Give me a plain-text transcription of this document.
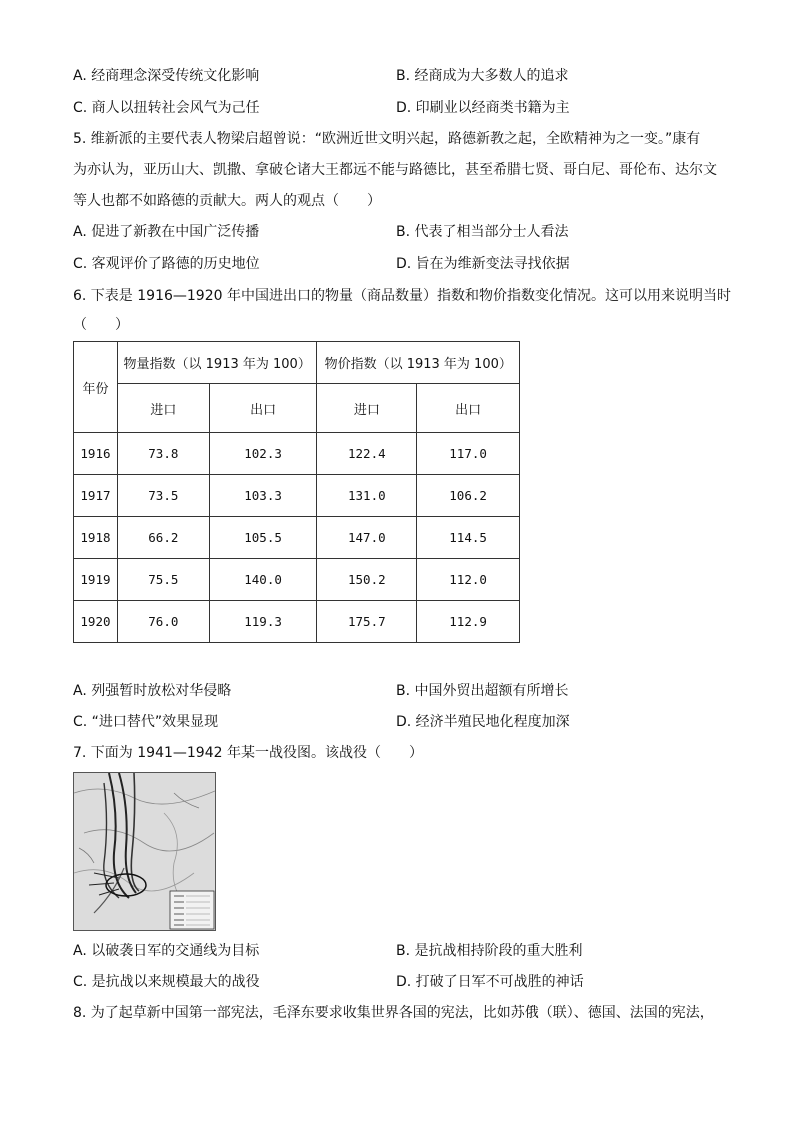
A. 经商理念深受传统文化影响	B. 经商成为大多数人的追求
C. 商人以扭转社会风气为己任	D. 印刷业以经商类书籍为主
5. 维新派的主要代表人物梁启超曾说：“欧洲近世文明兴起，路德新教之起，全欧精神为之一变。”康有
为亦认为，亚历山大、凯撒、拿破仑诸大王都远不能与路德比，甚至希腊七贤、哥白尼、哥伦布、达尔文
等人也都不如路德的贡献大。两人的观点（　　）
A. 促进了新教在中国广泛传播	B. 代表了相当部分士人看法
C. 客观评价了路德的历史地位	D. 旨在为维新变法寻找依据
6. 下表是 1916—1920 年中国进出口的物量（商品数量）指数和物价指数变化情况。这可以用来说明当时
（　　）
年份	物量指数（以 1913 年为 100）		物价指数（以 1913 年为 100）	
	进口	出口	进口	出口
1916	73.8	102.3	122.4	117.0
1917	73.5	103.3	131.0	106.2
1918	66.2	105.5	147.0	114.5
1919	75.5	140.0	150.2	112.0
1920	76.0	119.3	175.7	112.9
A. 列强暂时放松对华侵略	B. 中国外贸出超额有所增长
C. “进口替代”效果显现	D. 经济半殖民地化程度加深
7. 下面为 1941—1942 年某一战役图。该战役（　　）
A. 以破袭日军的交通线为目标	B. 是抗战相持阶段的重大胜利
C. 是抗战以来规模最大的战役	D. 打破了日军不可战胜的神话
8. 为了起草新中国第一部宪法，毛泽东要求收集世界各国的宪法，比如苏俄（联）、德国、法国的宪法，
